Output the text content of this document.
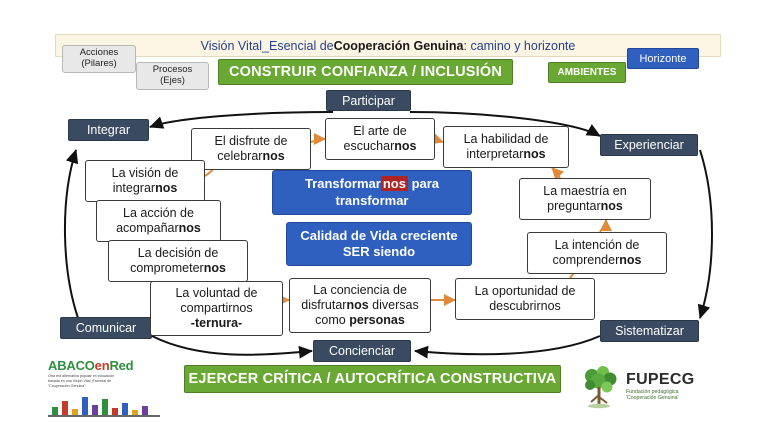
Visión Vital_Esencial de Cooperación Genuina : camino y horizonte
Acciones
(Pilares)
Procesos
(Ejes)
CONSTRUIR CONFIANZA / INCLUSIÓN
EJERCER CRÍTICA / AUTOCRÍTICA CONSTRUCTIVA
AMBIENTES
Horizonte
Participar
Integrar
Experienciar
Comunicar	Sistematizar
Concienciar
Transformar nos para
transformar
Calidad de Vida creciente
SER siendo
El disfrute de
celebrarnos
El arte de
escucharnos
La habilidad de
interpretarnos
La visión de
integrarnos
La acción de
acompañarnos
La decisión de
comprometernos
La voluntad de
compartirnos
-ternura-
La conciencia de
disfrutarnos diversas
como personas
La oportunidad de
descubrirnos
La maestría en
preguntarnos
La intención de
comprendernos
ABACOenRed
Otra red alternativa popular en educación
basada en una Visión Vital_Esencial de
"Cooperación Genuina"	FUPECG
Fundación pedagógica
'Cooperación Genuina'
